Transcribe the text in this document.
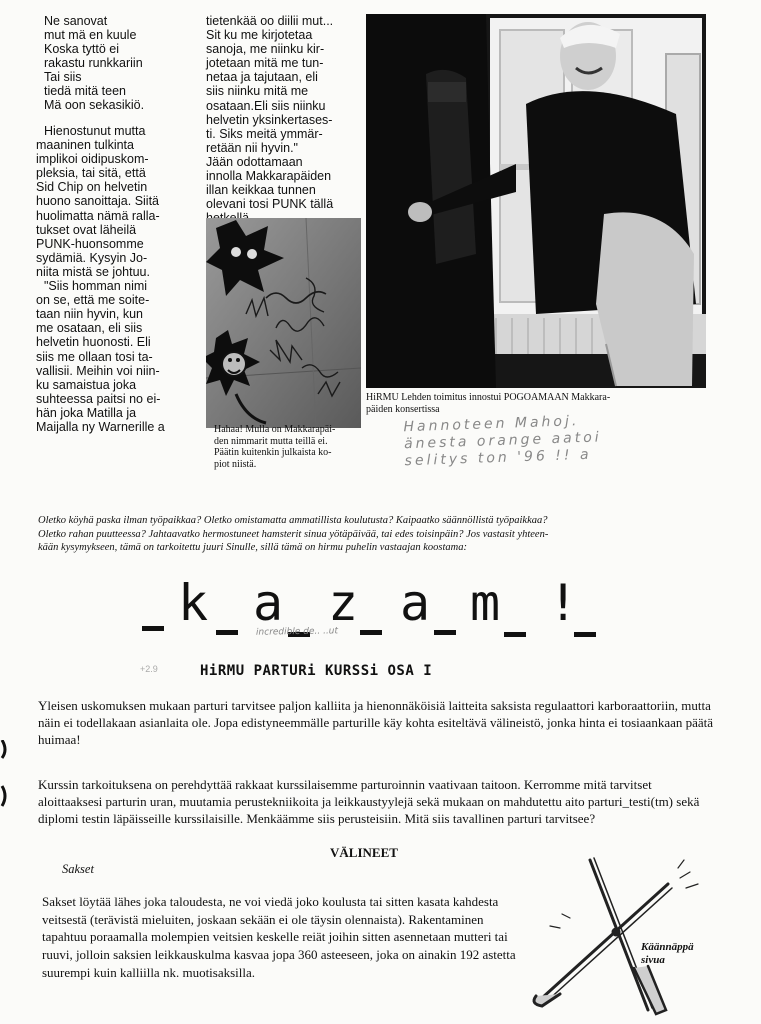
Ne sanovat
mut mä en kuule
Koska tyttö ei
rakastu runkkariin
Tai siis
tiedä mitä teen
Mä oon sekasikiö.

Hienostunut mutta
maaninen tulkinta
implikoi oidipuskom-
pleksia, tai sitä, että
Sid Chip on helvetin
huono sanoittaja. Siitä
huolimatta nämä ralla-
tukset ovat läheilä
PUNK-huonsomme
sydämiä. Kysyin Jo-
niita mistä se johtuu.

"Siis homman nimi
on se, että me soite-
taan niin hyvin, kun
me osataan, eli siis
helvetin huonosti. Eli
siis me ollaan tosi ta-
vallisii. Meihin voi niin-
ku samaistua joka
suhteessa paitsi no ei-
hän joka Matilla ja
Maijalla ny Warnerille a

tietenkää oo diilii mut...
Sit ku me kirjotetaa
sanoja, me niinku kir-
jotetaan mitä me tun-
netaa ja tajutaan, eli
siis niinku mitä me
osataan.Eli siis niinku
helvetin yksinkertases-
ti. Siks meitä ymmär-
retään nii hyvin."
Jään odottamaan
innolla Makkarapäiden
illan keikkaa tunnen
olevani tosi PUNK tällä

Hahaa! Mulla on Makkarapäi-
den nimmarit mutta teillä ei.
Päätin kuitenkin julkaista ko-
piot niistä.
HiRMU Lehden toimitus innostui POGOAMAAN Makkara-
päiden konsertissa
Hannoteen Mahoj.
änesta orange aatoi
selitys ton '96 !! a
Oletko köyhä paska ilman työpaikkaa? Oletko omistamatta ammatillista koulutusta? Kaipaatko säännöllistä työpaikkaa?
Oletko rahan puutteessa? Jahtaavatko hermostuneet hamsterit sinua yötäpäivää, tai edes toisinpäin? Jos vastasit yhteen-
kään kysymykseen, tämä on tarkoitettu juuri Sinulle, sillä tämä on hirmu puhelin vastaajan koostama:
k a z a m !
incredible de.. ..ut
+2.9	HiRMU PARTURi KURSSi OSA I
Yleisen uskomuksen mukaan parturi tarvitsee paljon kalliita ja hienonnäköisiä laitteita saksista regulaattori karboraattoriin, mutta näin ei todellakaan asianlaita ole. Jopa edistyneemmälle parturille käy kohta esiteltävä välineistö, jonka hinta ei tosiaankaan päätä huimaa!
Kurssin tarkoituksena on perehdyttää rakkaat kurssilaisemme parturoinnin vaativaan taitoon. Kerromme mitä tarvitset aloittaaksesi parturin uran, muutamia perustekniikoita ja leikkaustyylejä sekä mukaan on mahdutettu aito parturi_testi(tm) sekä diplomi testin läpäisseille kurssilaisille. Menkäämme siis perusteisiin. Mitä siis tavallinen parturi tarvitsee?
VÄLINEET
Sakset
Sakset löytää lähes joka taloudesta, ne voi viedä joko koulusta tai sitten kasata kahdesta veitsestä (terävistä mieluiten, joskaan sekään ei ole täysin olennaista). Rakentaminen tapahtuu poraamalla molempien veitsien keskelle reiät joihin sitten asennetaan mutteri tai ruuvi, jolloin saksien leikkauskulma kasvaa jopa 360 asteeseen, joka on ainakin 192 astetta suurempi kuin kalliilla nk. muotisaksilla.
Käännäppä
sivua
